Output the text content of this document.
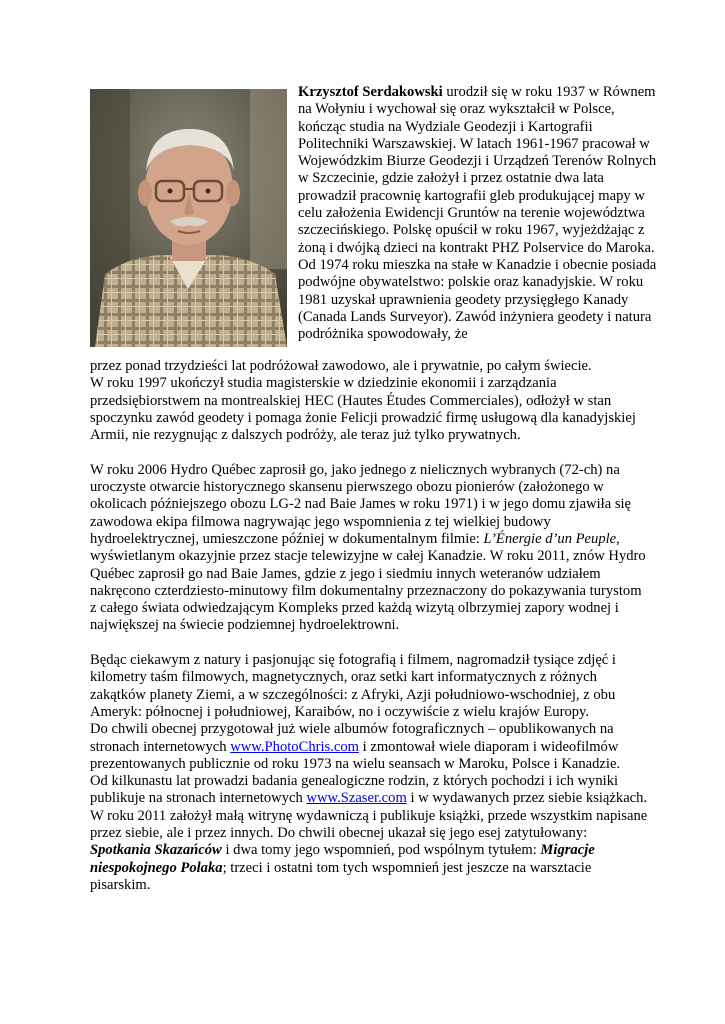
Krzysztof Serdakowski urodził się w roku 1937 w Równem na Wołyniu i wychował się oraz wykształcił w Polsce, kończąc studia na Wydziale Geodezji i Kartografii Politechniki Warszawskiej. W latach 1961-1967 pracował w Wojewódzkim Biurze Geodezji i Urządzeń Terenów Rolnych w Szczecinie, gdzie założył i przez ostatnie dwa lata prowadził pracownię kartografii gleb produkującej mapy w celu założenia Ewidencji Gruntów na terenie województwa szczecińskiego. Polskę opuścił w roku 1967, wyjeżdżając z żoną i dwójką dzieci na kontrakt PHZ Polservice do Maroka.

Od 1974 roku mieszka na stałe w Kanadzie i obecnie posiada podwójne obywatelstwo: polskie oraz kanadyjskie. W roku 1981 uzyskał uprawnienia geodety przysięgłego Kanady (Canada Lands Surveyor). Zawód inżyniera geodety i natura podróżnika spowodowały, że

przez ponad trzydzieści lat podróżował zawodowo, ale i prywatnie, po całym świecie.

W roku 1997 ukończył studia magisterskie w dziedzinie ekonomii i zarządzania przedsiębiorstwem na montrealskiej HEC (Hautes Études Commerciales), odłożył w stan spoczynku zawód geodety i pomaga żonie Felicji prowadzić firmę usługową dla kanadyjskiej Armii, nie rezygnując z dalszych podróży, ale teraz już tylko prywatnych.

W roku 2006 Hydro Québec zaprosił go, jako jednego z nielicznych wybranych (72-ch) na uroczyste otwarcie historycznego skansenu pierwszego obozu pionierów (założonego w okolicach późniejszego obozu LG-2 nad Baie James w roku 1971) i w jego domu zjawiła się zawodowa ekipa filmowa nagrywając jego wspomnienia z tej wielkiej budowy hydroelektrycznej, umieszczone później w dokumentalnym filmie: L’Énergie d’un Peuple, wyświetlanym okazyjnie przez stacje telewizyjne w całej Kanadzie. W roku 2011, znów Hydro Québec zaprosił go nad Baie James, gdzie z jego i siedmiu innych weteranów udziałem nakręcono czterdziesto-minutowy film dokumentalny przeznaczony do pokazywania turystom z całego świata odwiedzającym Kompleks przed każdą wizytą olbrzymiej zapory wodnej i największej na świecie podziemnej hydroelektrowni.

Będąc ciekawym z natury i pasjonując się fotografią i filmem, nagromadził tysiące zdjęć i kilometry taśm filmowych, magnetycznych, oraz setki kart informatycznych z różnych zakątków planety Ziemi, a w szczególności: z Afryki, Azji południowo-wschodniej, z obu Ameryk: północnej i południowej, Karaibów, no i oczywiście z wielu krajów Europy.

Do chwili obecnej przygotował już wiele albumów fotograficznych – opublikowanych na stronach internetowych www.PhotoChris.com i zmontował wiele diaporam i wideofilmów prezentowanych publicznie od roku 1973 na wielu seansach w Maroku, Polsce i Kanadzie.

Od kilkunastu lat prowadzi badania genealogiczne rodzin, z których pochodzi i ich wyniki publikuje na stronach internetowych www.Szaser.com i w wydawanych przez siebie książkach.

W roku 2011 założył małą witrynę wydawniczą i publikuje książki, przede wszystkim napisane przez siebie, ale i przez innych. Do chwili obecnej ukazał się jego esej zatytułowany: Spotkania Skazańców i dwa tomy jego wspomnień, pod wspólnym tytułem: Migracje niespokojnego Polaka; trzeci i ostatni tom tych wspomnień jest jeszcze na warsztacie pisarskim.
